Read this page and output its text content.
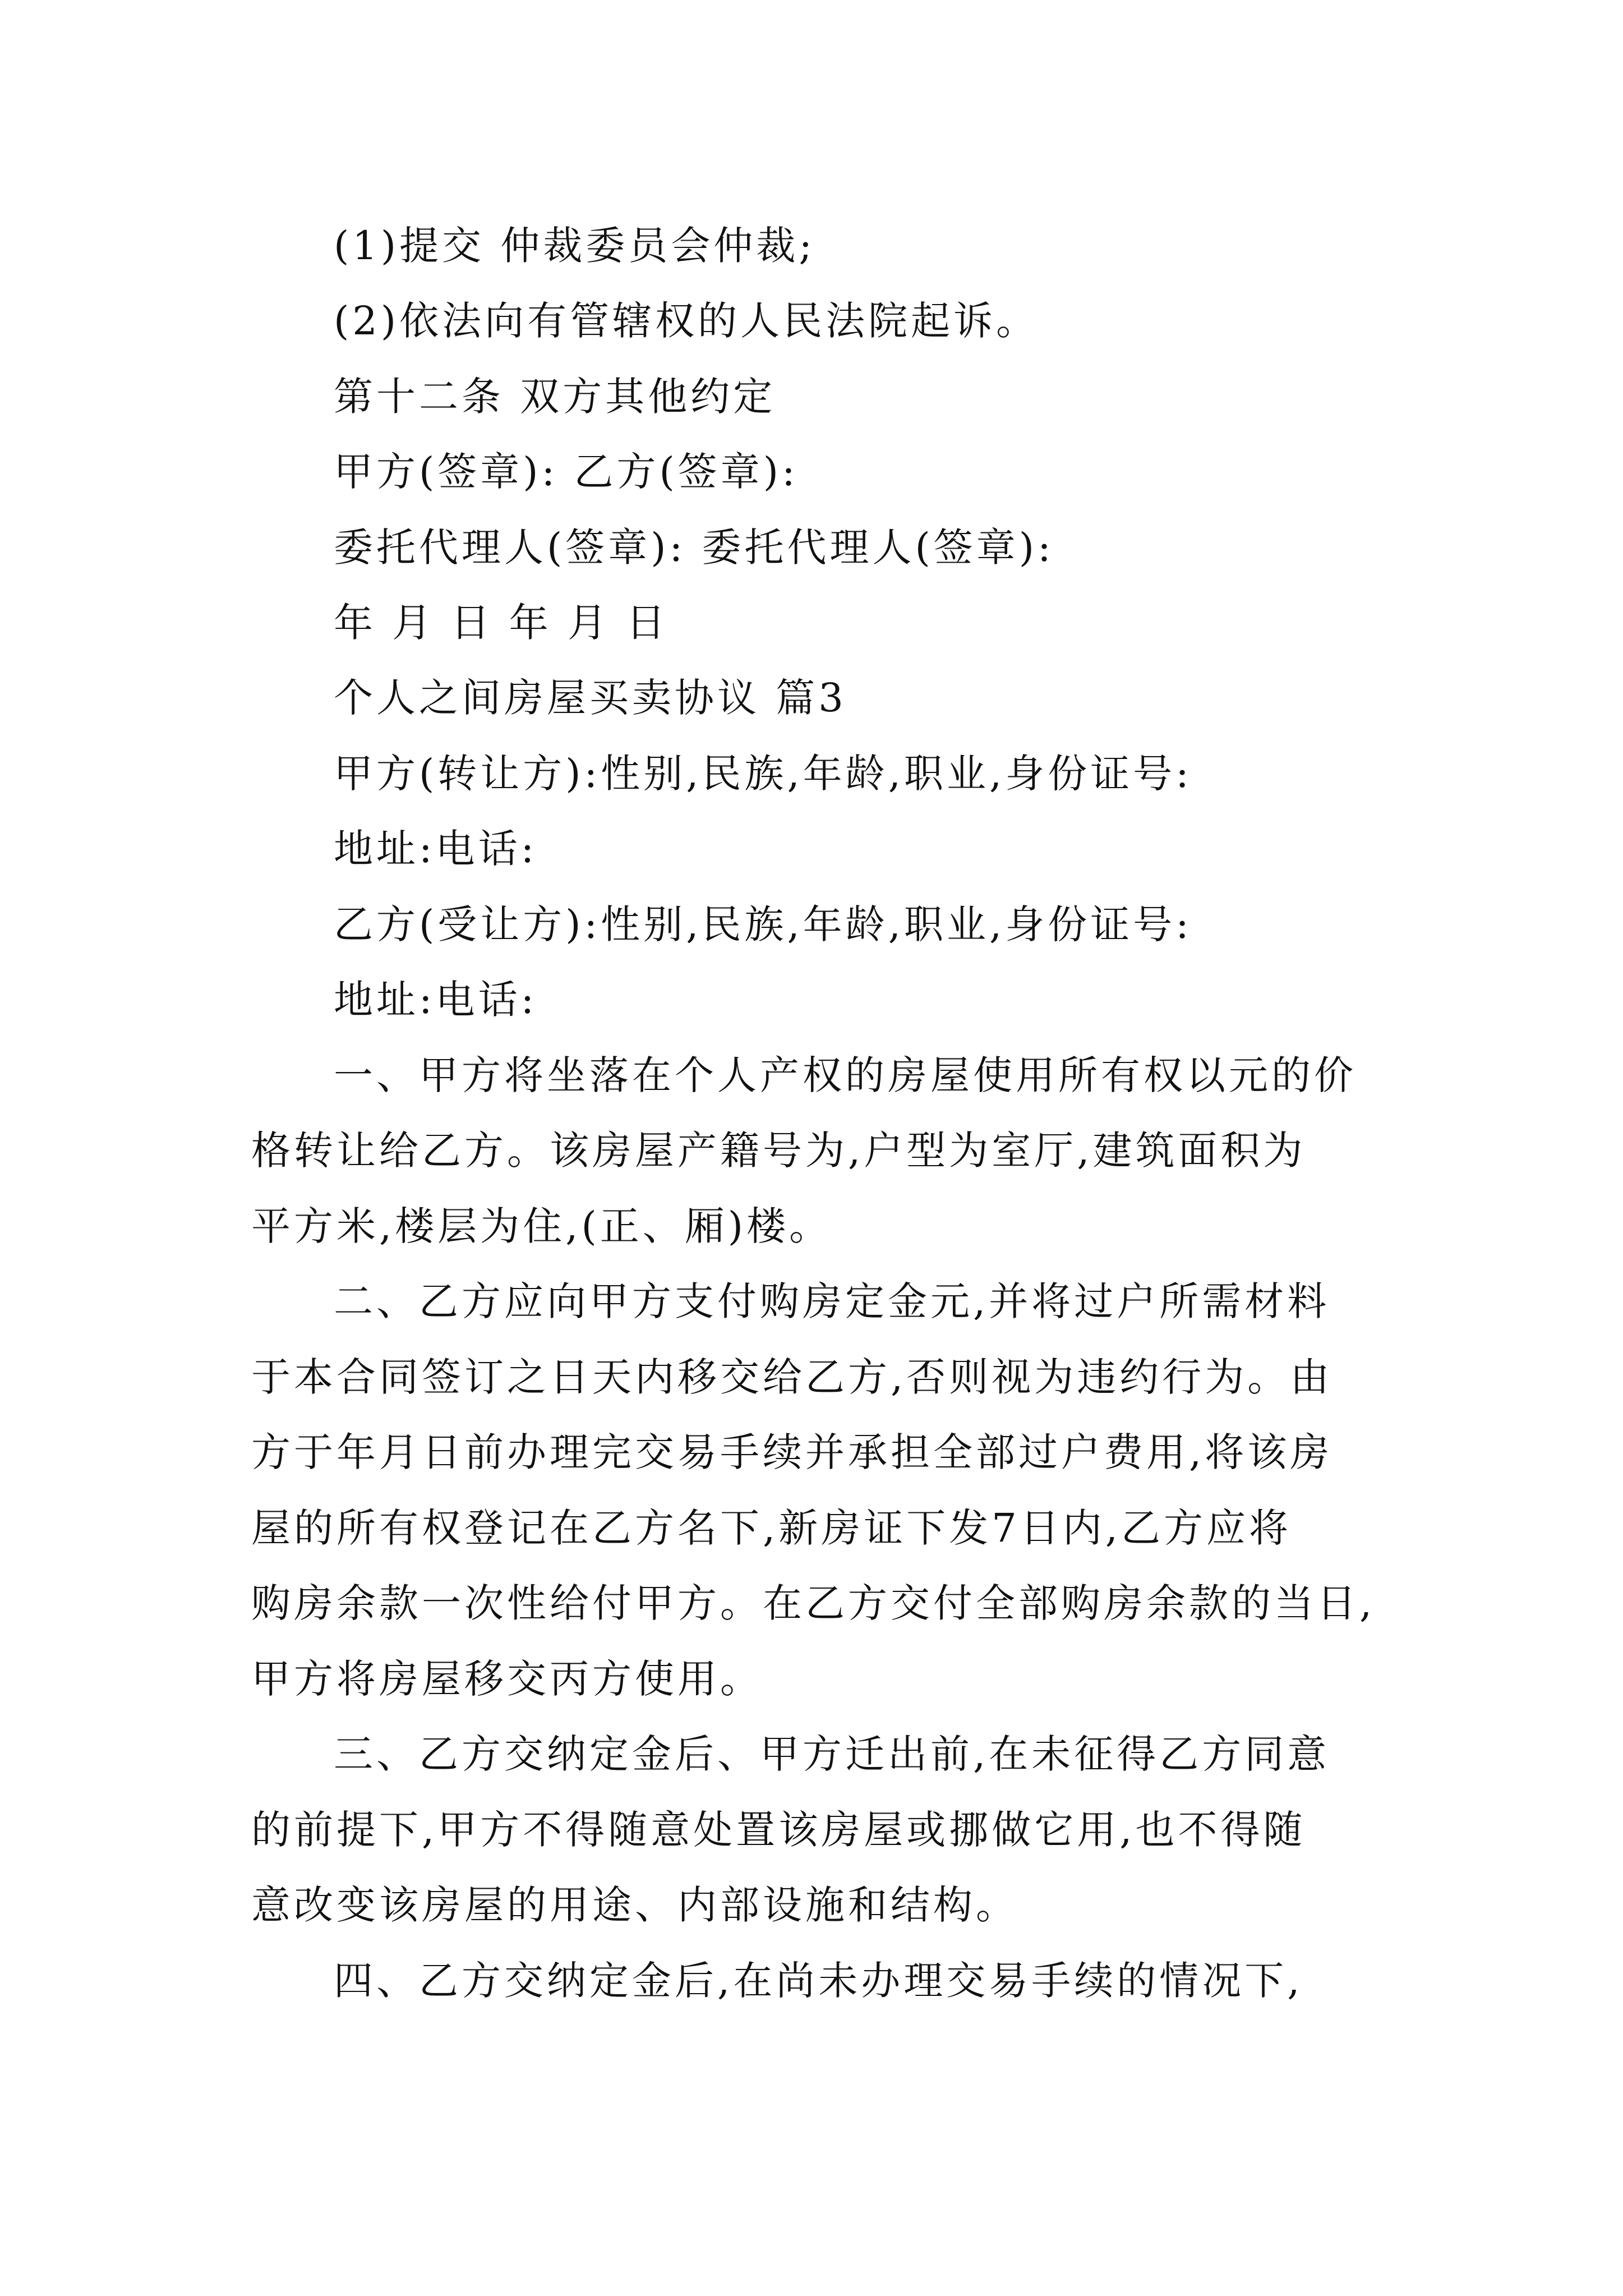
(1)提交 仲裁委员会仲裁;
(2)依法向有管辖权的人民法院起诉。
第十二条 双方其他约定
甲方(签章): 乙方(签章):
委托代理人(签章): 委托代理人(签章):
年 月 日 年 月 日
个人之间房屋买卖协议 篇3
甲方(转让方):性别,民族,年龄,职业,身份证号:
地址:电话:
乙方(受让方):性别,民族,年龄,职业,身份证号:
地址:电话:
一、甲方将坐落在个人产权的房屋使用所有权以元的价
格转让给乙方。该房屋产籍号为,户型为室厅,建筑面积为
平方米,楼层为住,(正、厢)楼。
二、乙方应向甲方支付购房定金元,并将过户所需材料
于本合同签订之日天内移交给乙方,否则视为违约行为。由
方于年月日前办理完交易手续并承担全部过户费用,将该房
屋的所有权登记在乙方名下,新房证下发7日内,乙方应将
购房余款一次性给付甲方。在乙方交付全部购房余款的当日,
甲方将房屋移交丙方使用。
三、乙方交纳定金后、甲方迁出前,在未征得乙方同意
的前提下,甲方不得随意处置该房屋或挪做它用,也不得随
意改变该房屋的用途、内部设施和结构。
四、乙方交纳定金后,在尚未办理交易手续的情况下,
